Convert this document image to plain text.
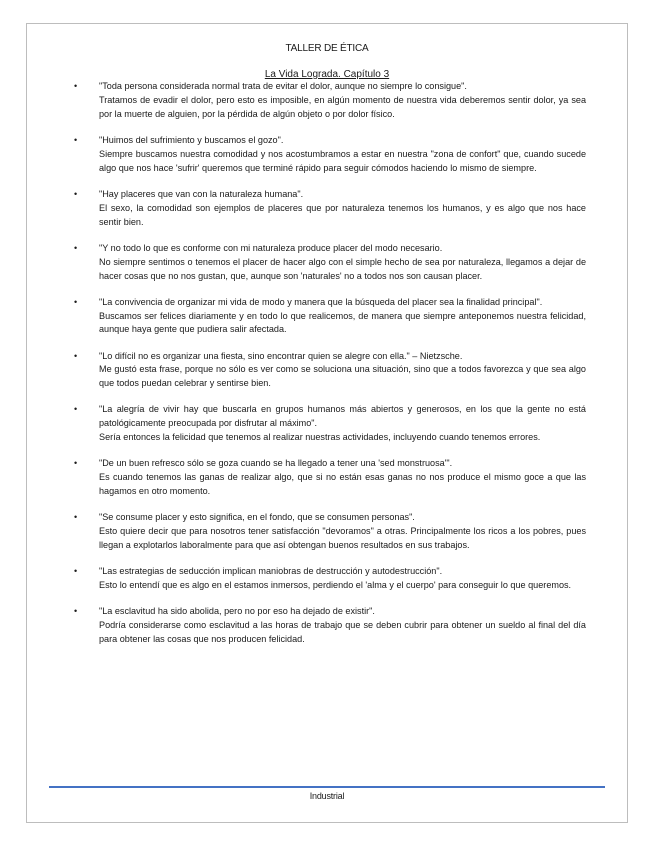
TALLER DE ÉTICA
La Vida Lograda. Capítulo 3
• "Toda persona considerada normal trata de evitar el dolor, aunque no siempre lo consigue".

Tratamos de evadir el dolor, pero esto es imposible, en algún momento de nuestra vida deberemos sentir dolor, ya sea por la muerte de alguien, por la pérdida de algún objeto o por dolor físico.

• "Huimos del sufrimiento y buscamos el gozo".

Siempre buscamos nuestra comodidad y nos acostumbramos a estar en nuestra "zona de confort" que, cuando sucede algo que nos hace 'sufrir' queremos que terminé rápido para seguir cómodos haciendo lo mismo de siempre.

• "Hay placeres que van con la naturaleza humana".

El sexo, la comodidad son ejemplos de placeres que por naturaleza tenemos los humanos, y es algo que nos hace sentir bien.

• "Y no todo lo que es conforme con mi naturaleza produce placer del modo necesario.

No siempre sentimos o tenemos el placer de hacer algo con el simple hecho de sea por naturaleza, llegamos a dejar de hacer cosas que no nos gustan, que, aunque son 'naturales' no a todos nos son causan placer.

• "La convivencia de organizar mi vida de modo y manera que la búsqueda del placer sea la finalidad principal".

Buscamos ser felices diariamente y en todo lo que realicemos, de manera que siempre anteponemos nuestra felicidad, aunque haya gente que pudiera salir afectada.

• "Lo difícil no es organizar una fiesta, sino encontrar quien se alegre con ella." – Nietzsche.

Me gustó esta frase, porque no sólo es ver como se soluciona una situación, sino que a todos favorezca y que sea algo que todos puedan celebrar y sentirse bien.

• "La alegría de vivir hay que buscarla en grupos humanos más abiertos y generosos, en los que la gente no está patológicamente preocupada por disfrutar al máximo".

Sería entonces la felicidad que tenemos al realizar nuestras actividades, incluyendo cuando tenemos errores.

• "De un buen refresco sólo se goza cuando se ha llegado a tener una 'sed monstruosa'".

Es cuando tenemos las ganas de realizar algo, que si no están esas ganas no nos produce el mismo goce a que las hagamos en otro momento.

• "Se consume placer y esto significa, en el fondo, que se consumen personas".

Esto quiere decir que para nosotros tener satisfacción "devoramos" a otras. Principalmente los ricos a los pobres, pues llegan a explotarlos laboralmente para que así obtengan buenos resultados en sus trabajos.

• "Las estrategias de seducción implican maniobras de destrucción y autodestrucción".

Esto lo entendí que es algo en el estamos inmersos, perdiendo el 'alma y el cuerpo' para conseguir lo que queremos.

• "La esclavitud ha sido abolida, pero no por eso ha dejado de existir".

Podría considerarse como esclavitud a las horas de trabajo que se deben cubrir para obtener un sueldo al final del día para obtener las cosas que nos producen felicidad.

Industrial
